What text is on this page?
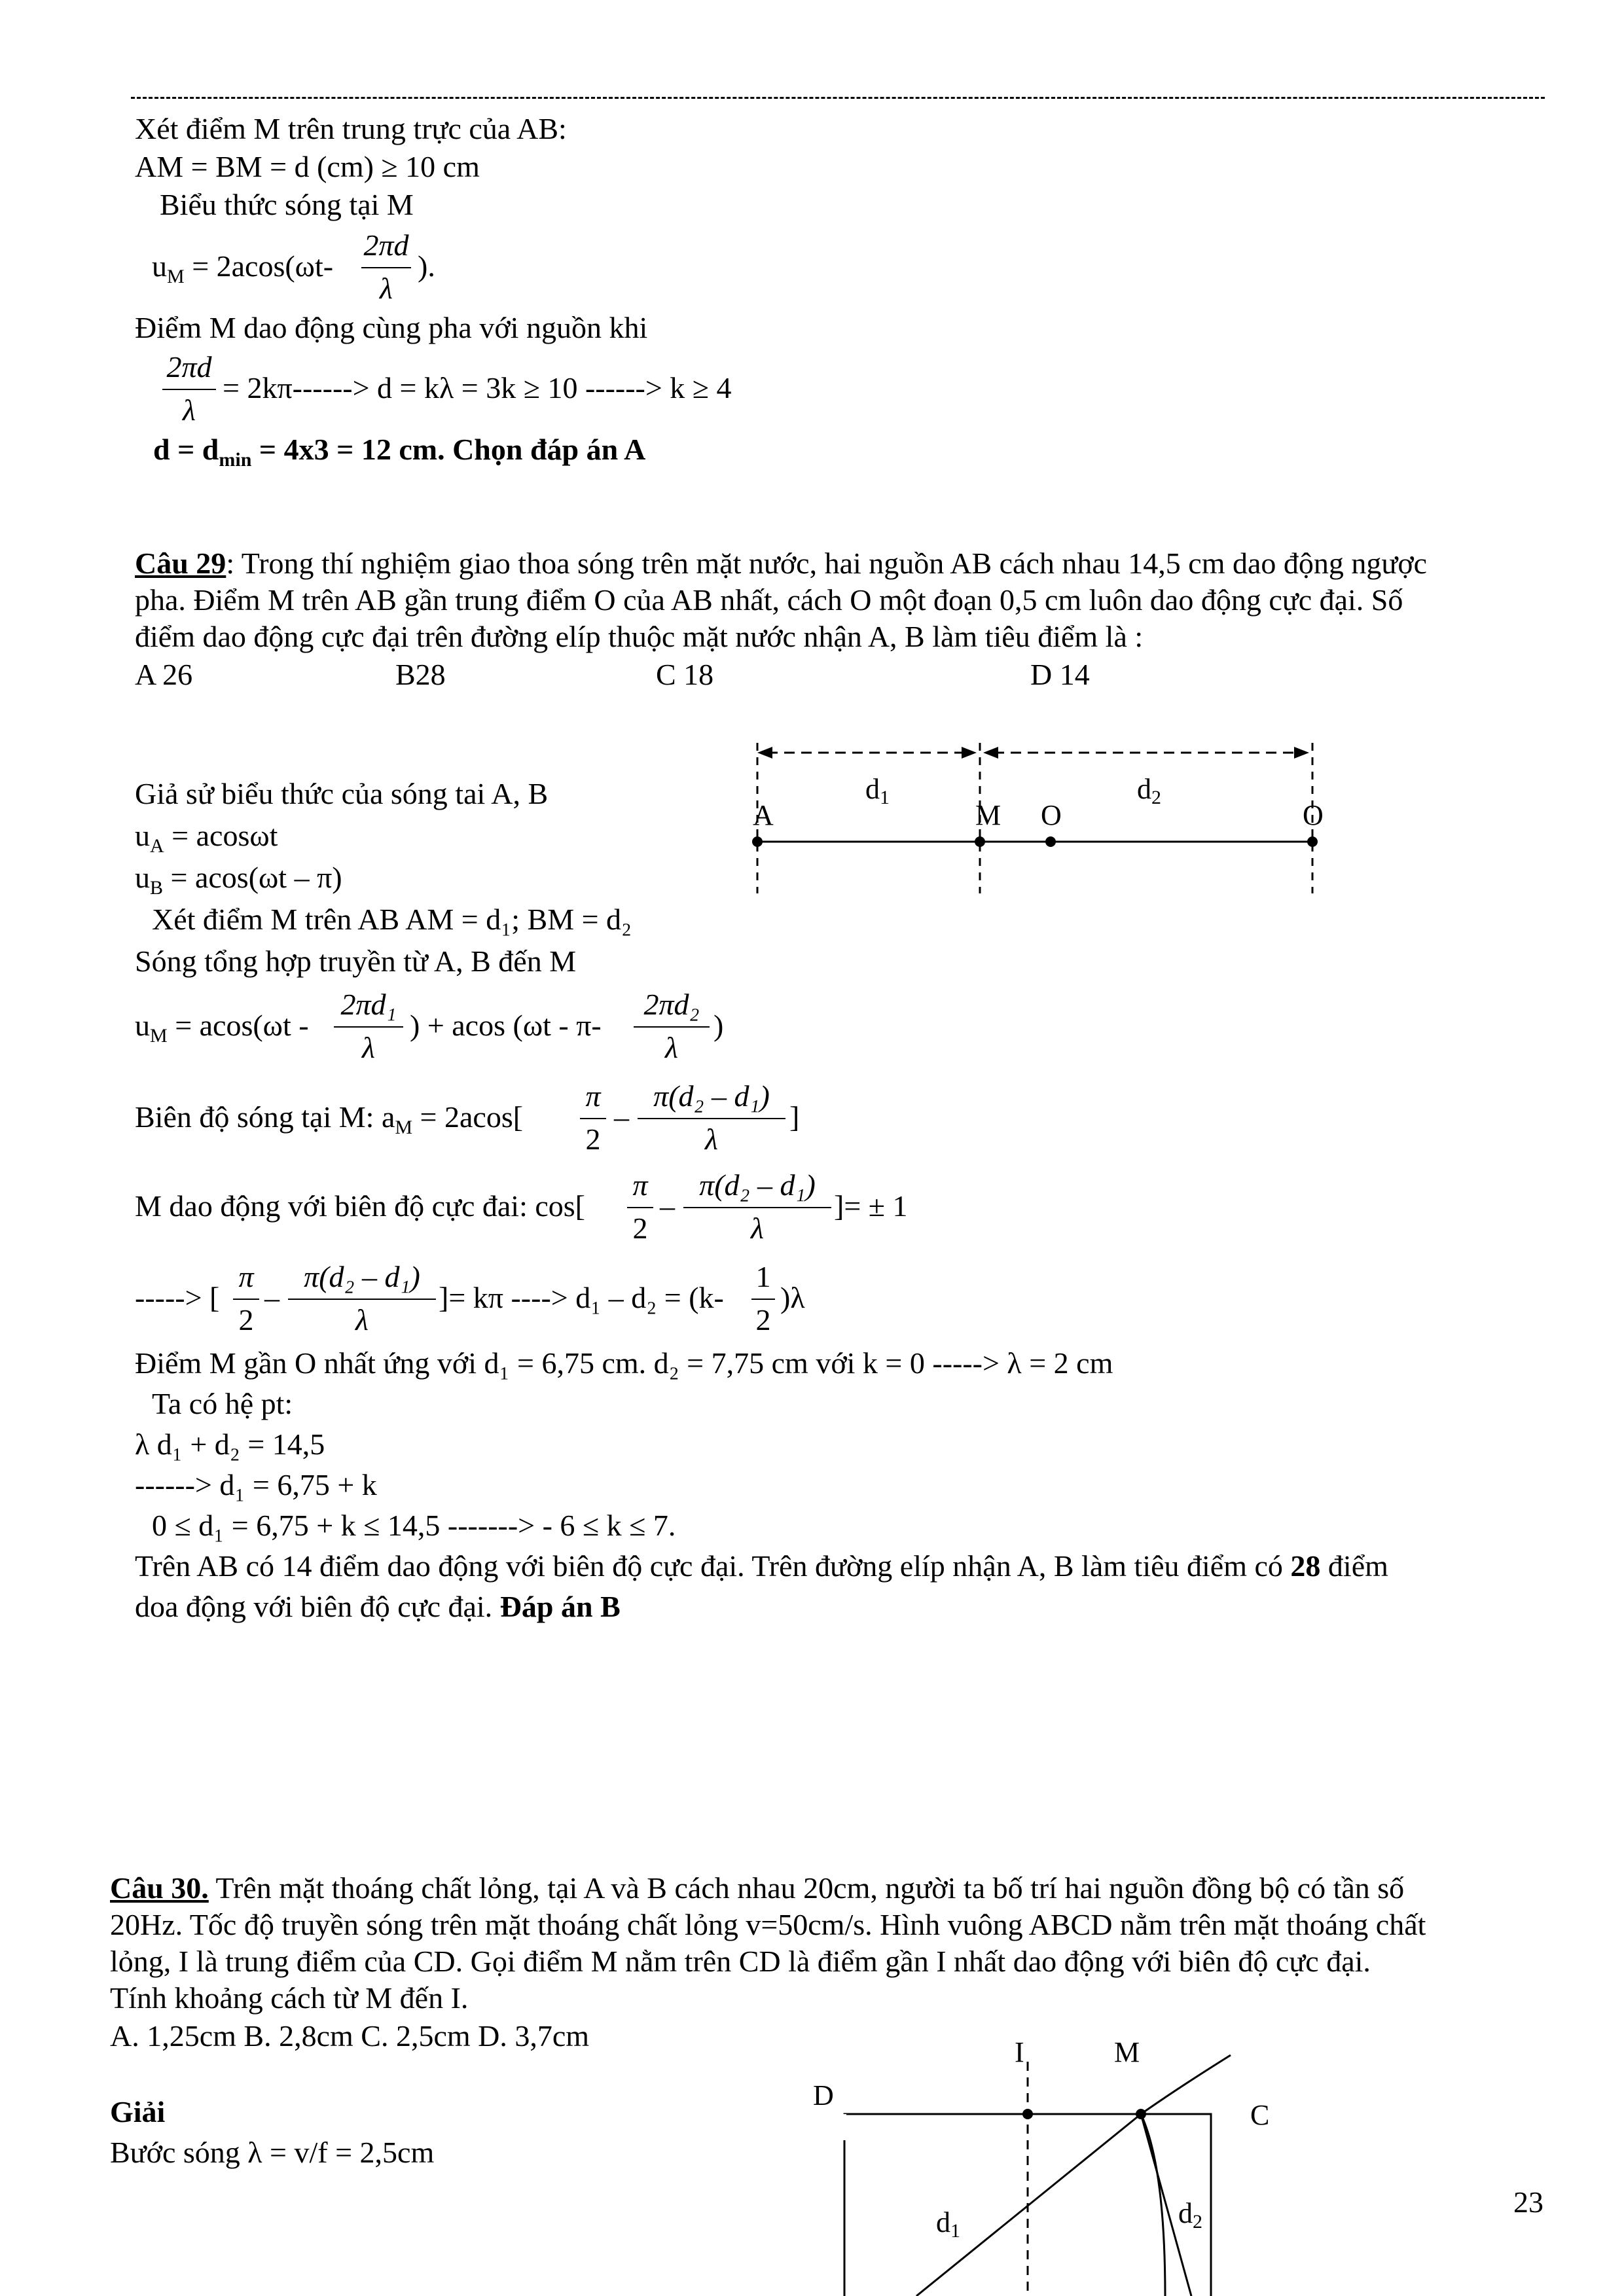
Xét điểm M trên trung trực của AB:
AM = BM = d (cm) ≥ 10 cm
Biểu thức sóng tại M
$u_M = 2acos(\omega t-$
2πd
λ
).
Điểm M dao động cùng pha với nguồn khi
2πd
λ
= 2kπ------> d = kλ = 3k ≥ 10 ------> k ≥ 4
$d = d_{min} = 4x3 = 12$ cm. Chọn đáp án A
Câu 29: Trong thí nghiệm giao thoa sóng trên mặt nước, hai nguồn AB cách nhau 14,5 cm dao động ngược
pha. Điểm M trên AB gần trung điểm O của AB nhất, cách O một đoạn 0,5 cm luôn dao động cực đại. Số
điểm dao động cực đại trên đường elíp thuộc mặt nước nhận A, B làm tiêu điểm là :
A 26	B28	C 18	D 14
d1	d2
A	M O	O
Giả sử biểu thức của sóng tai A, B
$u_A = acos\omega t$
$u_B = acos(\omega t - \pi)$
Xét điểm M trên AB AM = d₁; BM = d₂
Sóng tổng hợp truyền từ A, B đến M
$u_M = acos(\omega t$ -
2πd₁
λ
) + acos (ωt - π-
2πd₂
λ
)
Biên độ sóng tại M: $a_M = 2acos$[
π
2
–
π(d₂ – d₁)
λ
]
M dao động với biên độ cực đai: cos[
π
2
–
π(d₂ – d₁)
λ
]= ± 1
-----> [
π
2
–
π(d₂ – d₁)
λ
]= kπ ----> d₁ – d₂ = (k-
1
2
)λ
Điểm M gần O nhất ứng với d₁ = 6,75 cm. d₂ = 7,75 cm với k = 0 -----> λ = 2 cm
Ta có hệ pt:
λ d₁ + d₂ = 14,5
------> d₁ = 6,75 + k
0 ≤ d₁ = 6,75 + k ≤ 14,5 -------> - 6 ≤ k ≤ 7.
Trên AB có 14 điểm dao động với biên độ cực đại. Trên đường elíp nhận A, B làm tiêu điểm có 28 điểm
doa động với biên độ cực đại. Đáp án B
Câu 30. Trên mặt thoáng chất lỏng, tại A và B cách nhau 20cm, người ta bố trí hai nguồn đồng bộ có tần số
20Hz. Tốc độ truyền sóng trên mặt thoáng chất lỏng v=50cm/s. Hình vuông ABCD nằm trên mặt thoáng chất
lỏng, I là trung điểm của CD. Gọi điểm M nằm trên CD là điểm gần I nhất dao động với biên độ cực đại.
Tính khoảng cách từ M đến I.
A. 1,25cm B. 2,8cm C. 2,5cm D. 3,7cm
Giải
Bước sóng λ = v/f = 2,5cm
I	M
D
C
d1
d2
23
